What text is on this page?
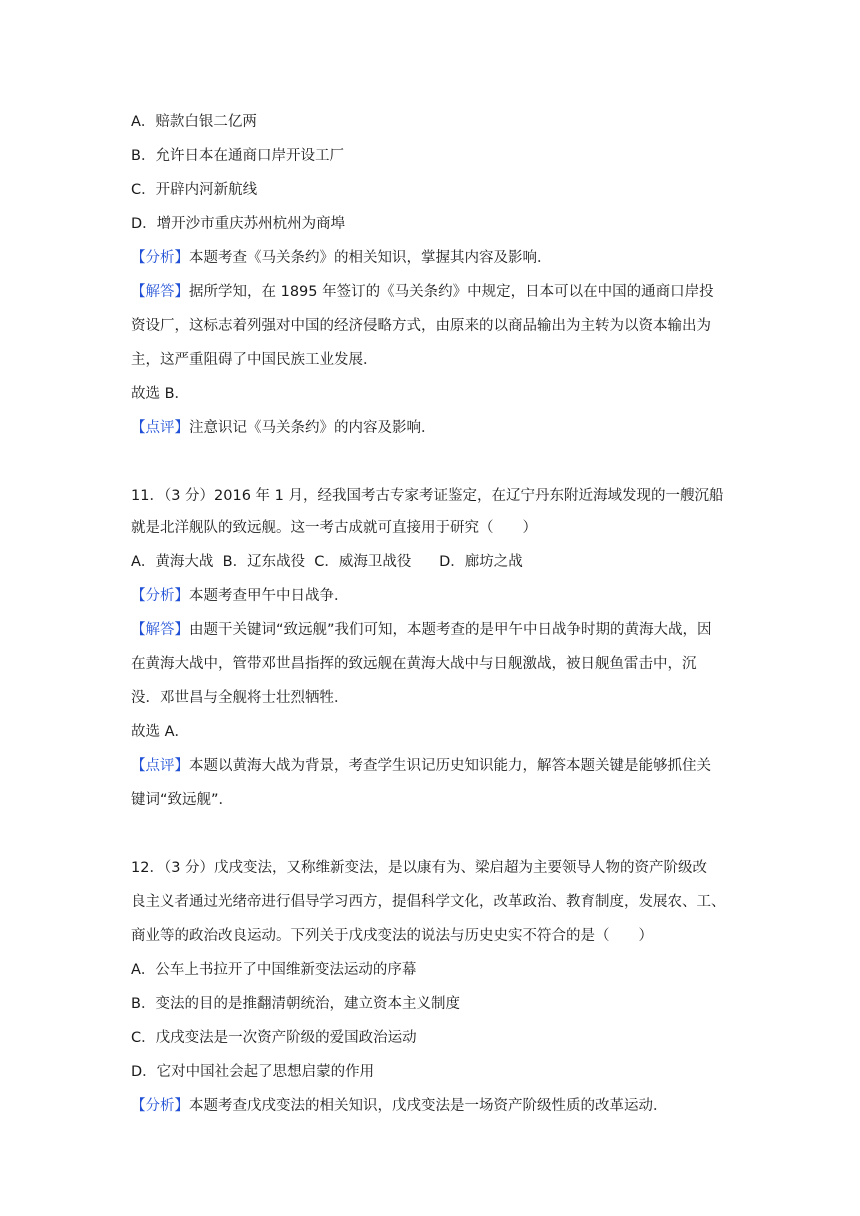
A．赔款白银二亿两
B．允许日本在通商口岸开设工厂
C．开辟内河新航线
D．增开沙市重庆苏州杭州为商埠
【分析】本题考查《马关条约》的相关知识，掌握其内容及影响．
【解答】据所学知，在 1895 年签订的《马关条约》中规定，日本可以在中国的通商口岸投
资设厂，这标志着列强对中国的经济侵略方式，由原来的以商品输出为主转为以资本输出为
主，这严重阻碍了中国民族工业发展．
故选 B．
【点评】注意识记《马关条约》的内容及影响．
11．（3 分）2016 年 1 月，经我国考古专家考证鉴定，在辽宁丹东附近海域发现的一艘沉船
就是北洋舰队的致远舰。这一考古成就可直接用于研究（　　）
A．黄海大战  B．辽东战役  C．威海卫战役      D．廊坊之战
【分析】本题考查甲午中日战争．
【解答】由题干关键词“致远舰”我们可知，本题考查的是甲午中日战争时期的黄海大战，因
在黄海大战中，管带邓世昌指挥的致远舰在黄海大战中与日舰激战，被日舰鱼雷击中，沉
没．邓世昌与全舰将士壮烈牺牲．
故选 A．
【点评】本题以黄海大战为背景，考查学生识记历史知识能力，解答本题关键是能够抓住关
键词“致远舰”．
12．（3 分）戊戌变法，又称维新变法，是以康有为、梁启超为主要领导人物的资产阶级改
良主义者通过光绪帝进行倡导学习西方，提倡科学文化，改革政治、教育制度，发展农、工、
商业等的政治改良运动。下列关于戊戌变法的说法与历史史实不符合的是（　　）
A．公车上书拉开了中国维新变法运动的序幕
B．变法的目的是推翻清朝统治，建立资本主义制度
C．戊戌变法是一次资产阶级的爱国政治运动
D．它对中国社会起了思想启蒙的作用
【分析】本题考查戊戌变法的相关知识，戊戌变法是一场资产阶级性质的改革运动．
